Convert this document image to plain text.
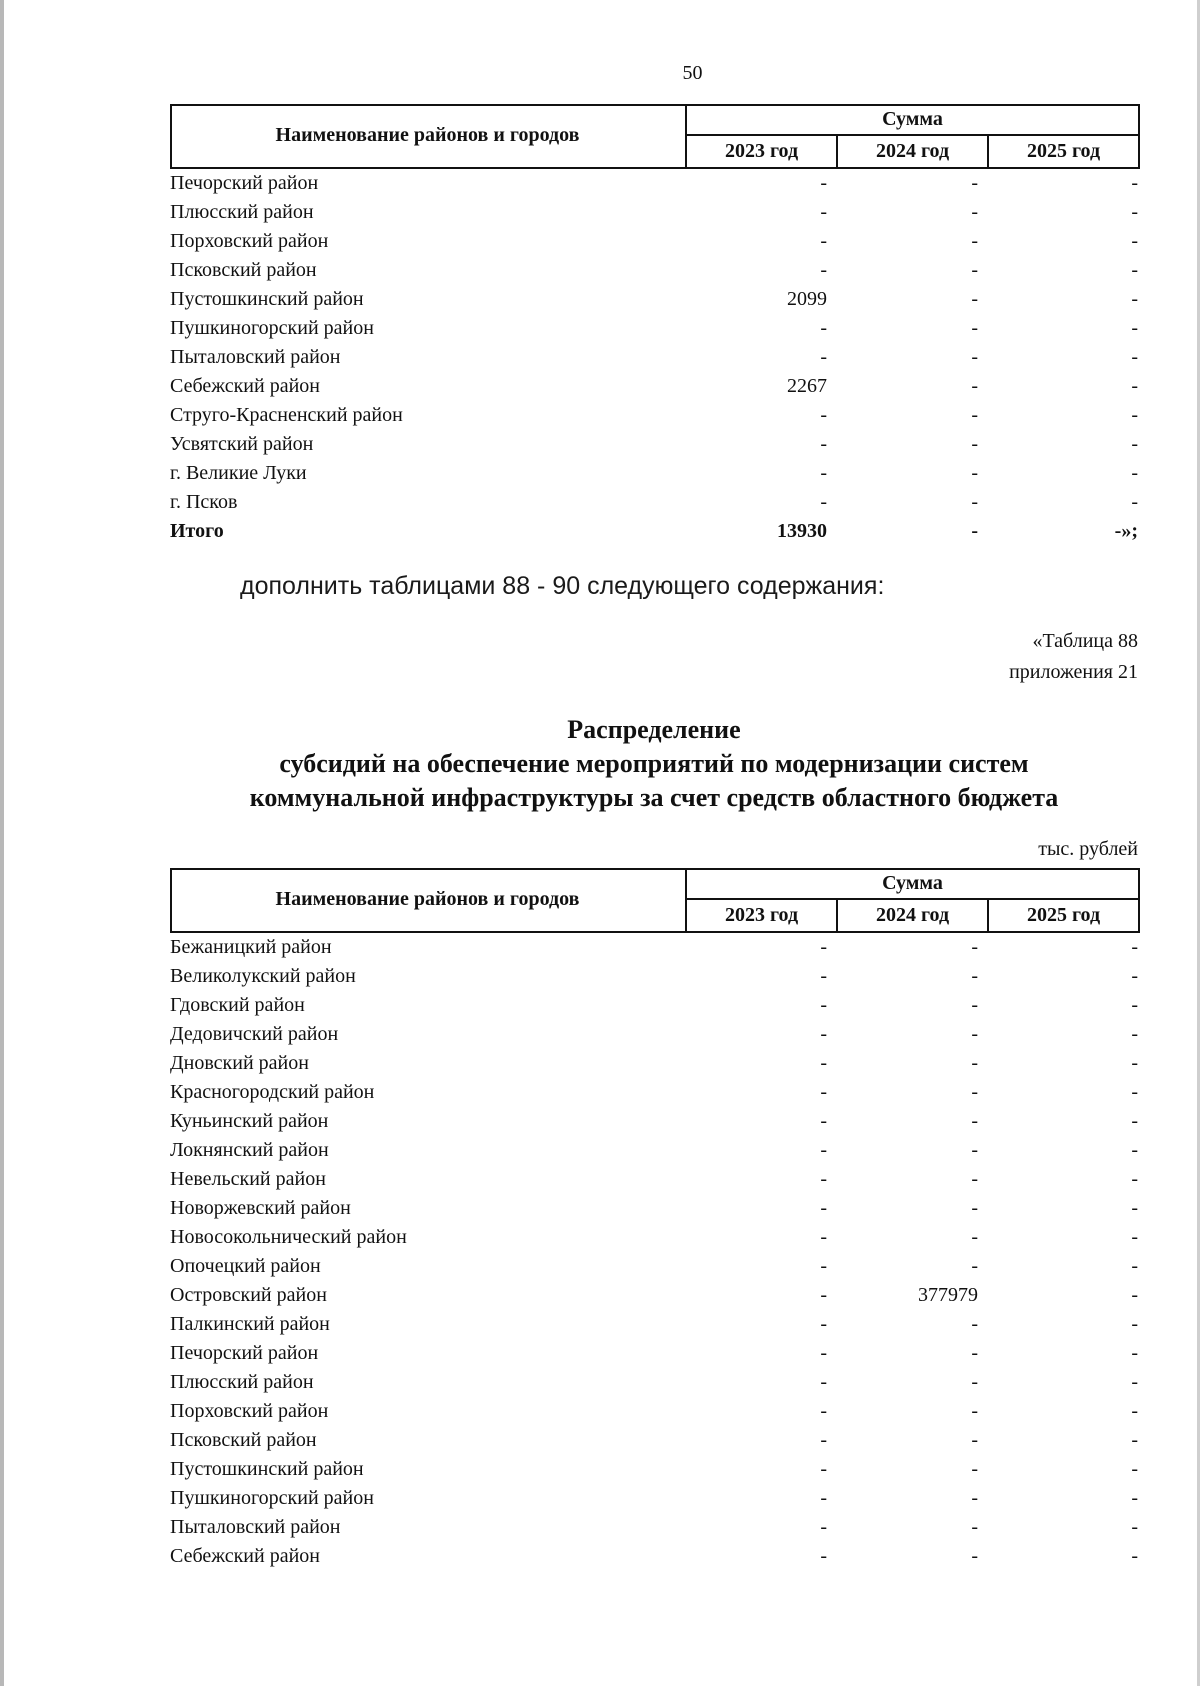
50
Наименование районов и городов
Сумма
2023 год	2024 год	2025 год
Печорский район	-	-	-
Плюсский район	-	-	-
Порховский район	-	-	-
Псковский район	-	-	-
Пустошкинский район	2099	-	-
Пушкиногорский район	-	-	-
Пыталовский район	-	-	-
Себежский район	2267	-	-
Струго-Красненский район	-	-	-
Усвятский район	-	-	-
г. Великие Луки	-	-	-
г. Псков	-	-	-
Итого	13930	-	-»;
дополнить таблицами 88 - 90 следующего содержания:
«Таблица 88
приложения 21
Распределение
субсидий на обеспечение мероприятий по модернизации систем
коммунальной инфраструктуры за счет средств областного бюджета
тыс. рублей
Наименование районов и городов
Сумма
2023 год	2024 год	2025 год
Бежаницкий район	-	-	-
Великолукский район	-	-	-
Гдовский район	-	-	-
Дедовичский район	-	-	-
Дновский район	-	-	-
Красногородский район	-	-	-
Куньинский район	-	-	-
Локнянский район	-	-	-
Невельский район	-	-	-
Новоржевский район	-	-	-
Новосокольнический район	-	-	-
Опочецкий район	-	-	-
Островский район	-	377979	-
Палкинский район	-	-	-
Печорский район	-	-	-
Плюсский район	-	-	-
Порховский район	-	-	-
Псковский район	-	-	-
Пустошкинский район	-	-	-
Пушкиногорский район	-	-	-
Пыталовский район	-	-	-
Себежский район	-	-	-
